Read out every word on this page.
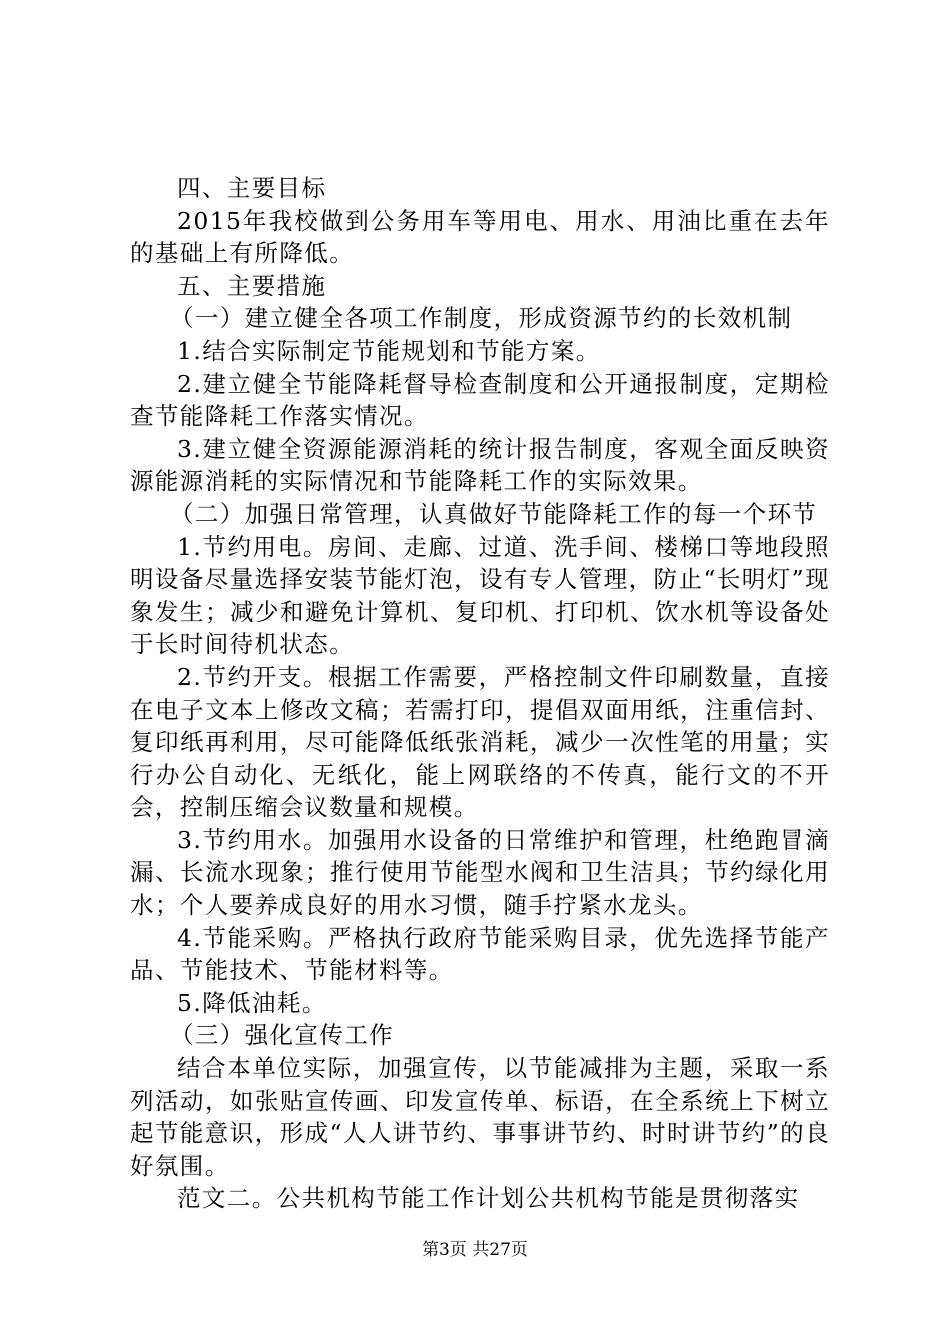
四、主要目标

2015年我校做到公务用车等用电、用水、用油比重在去年的基础上有所降低。

五、主要措施

（一）建立健全各项工作制度，形成资源节约的长效机制

1.结合实际制定节能规划和节能方案。

2.建立健全节能降耗督导检查制度和公开通报制度，定期检查节能降耗工作落实情况。

3.建立健全资源能源消耗的统计报告制度，客观全面反映资源能源消耗的实际情况和节能降耗工作的实际效果。

（二）加强日常管理，认真做好节能降耗工作的每一个环节

1.节约用电。房间、走廊、过道、洗手间、楼梯口等地段照明设备尽量选择安装节能灯泡，设有专人管理，防止“长明灯”现象发生；减少和避免计算机、复印机、打印机、饮水机等设备处于长时间待机状态。

2.节约开支。根据工作需要，严格控制文件印刷数量，直接在电子文本上修改文稿；若需打印，提倡双面用纸，注重信封、复印纸再利用，尽可能降低纸张消耗，减少一次性笔的用量；实行办公自动化、无纸化，能上网联络的不传真，能行文的不开会，控制压缩会议数量和规模。

3.节约用水。加强用水设备的日常维护和管理，杜绝跑冒滴漏、长流水现象；推行使用节能型水阀和卫生洁具；节约绿化用水；个人要养成良好的用水习惯，随手拧紧水龙头。

4.节能采购。严格执行政府节能采购目录，优先选择节能产品、节能技术、节能材料等。

5.降低油耗。

（三）强化宣传工作

结合本单位实际，加强宣传，以节能减排为主题，采取一系列活动，如张贴宣传画、印发宣传单、标语，在全系统上下树立起节能意识，形成“人人讲节约、事事讲节约、时时讲节约”的良好氛围。

范文二。公共机构节能工作计划公共机构节能是贯彻落实

第3页 共27页
